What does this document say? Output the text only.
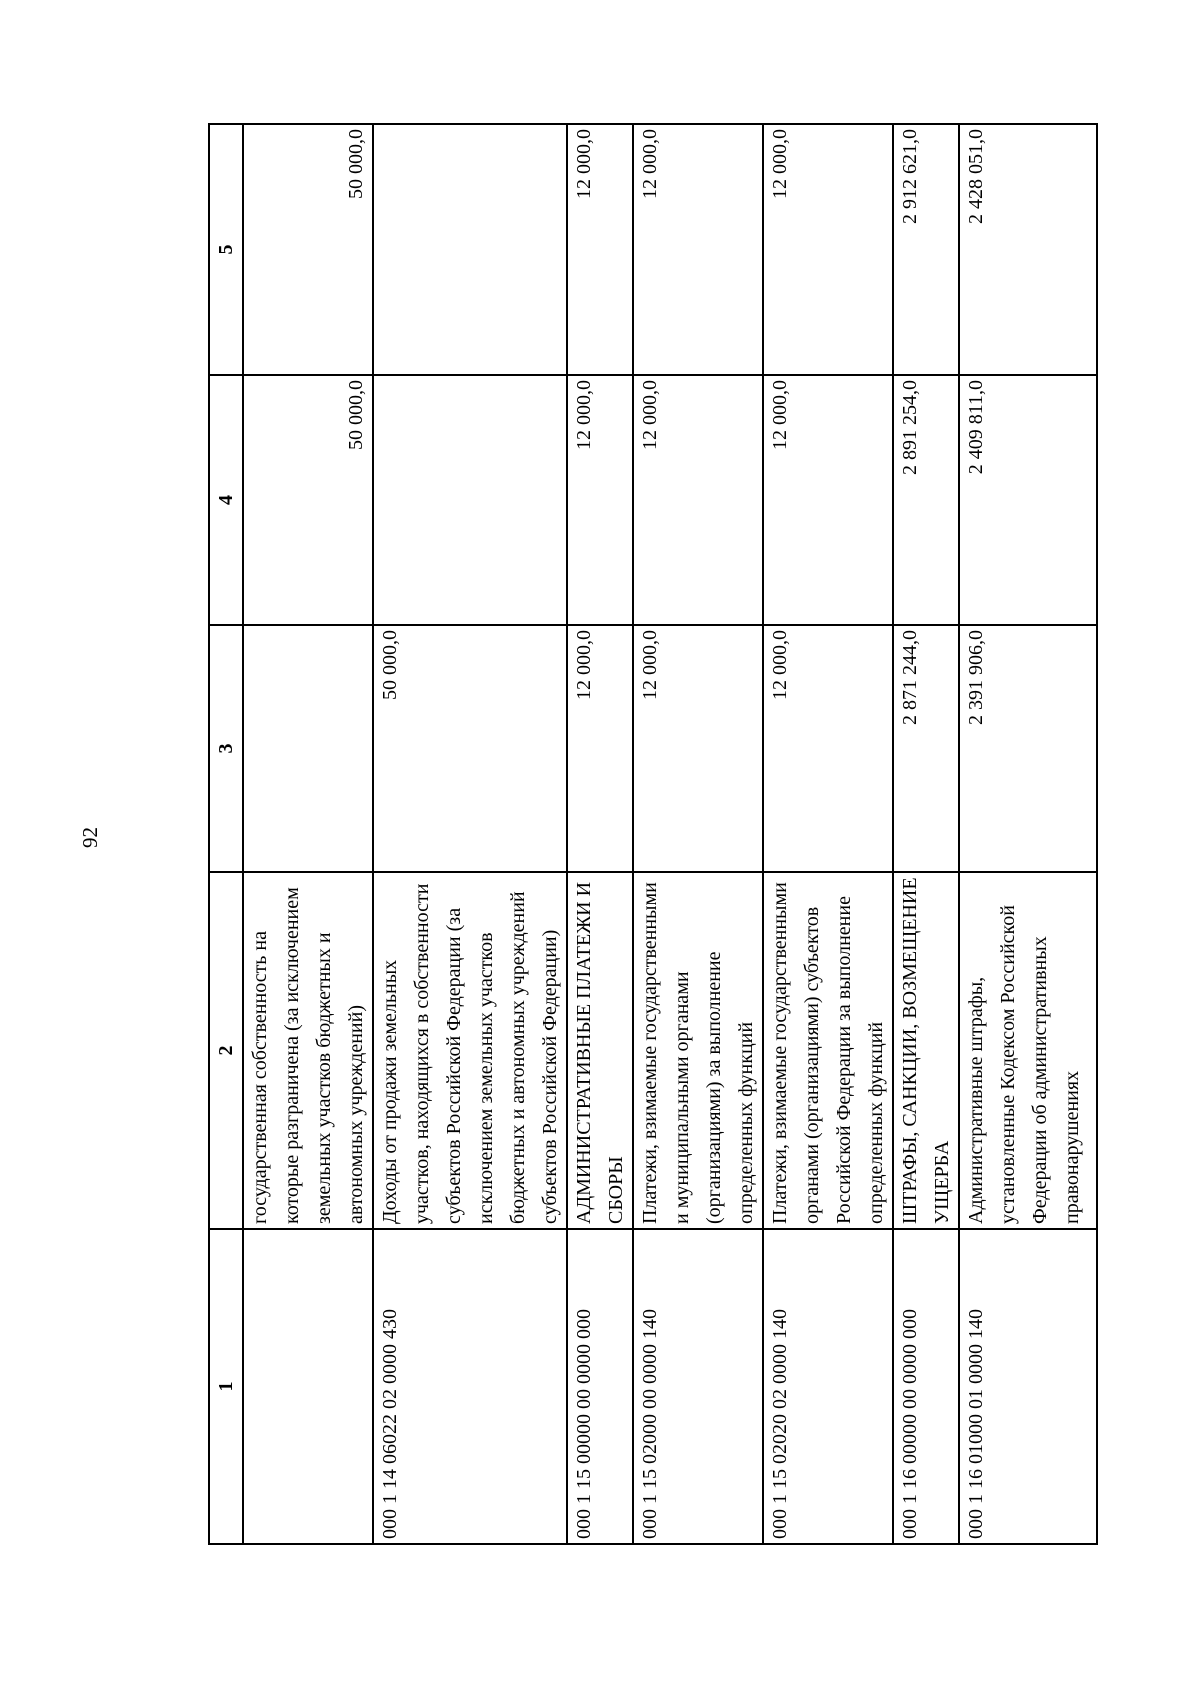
92
1	2	3	4	5
	государственная собственность на которые разграничена (за исключением земельных участков бюджетных и автономных учреждений)		50 000,0	50 000,0
000 1 14 06022 02 0000 430	Доходы от продажи земельных участков, находящихся в собственности субъектов Российской Федерации (за исключением земельных участков бюджетных и автономных учреждений субъектов Российской Федерации)	50 000,0		
000 1 15 00000 00 0000 000	АДМИНИСТРАТИВНЫЕ ПЛАТЕЖИ И СБОРЫ	12 000,0	12 000,0	12 000,0
000 1 15 02000 00 0000 140	Платежи, взимаемые государственными и муниципальными органами (организациями) за выполнение определенных функций	12 000,0	12 000,0	12 000,0
000 1 15 02020 02 0000 140	Платежи, взимаемые государственными органами (организациями) субъектов Российской Федерации за выполнение определенных функций	12 000,0	12 000,0	12 000,0
000 1 16 00000 00 0000 000	ШТРАФЫ, САНКЦИИ, ВОЗМЕЩЕНИЕ УЩЕРБА	2 871 244,0	2 891 254,0	2 912 621,0
000 1 16 01000 01 0000 140	Административные штрафы, установленные Кодексом Российской Федерации об административных правонарушениях	2 391 906,0	2 409 811,0	2 428 051,0
